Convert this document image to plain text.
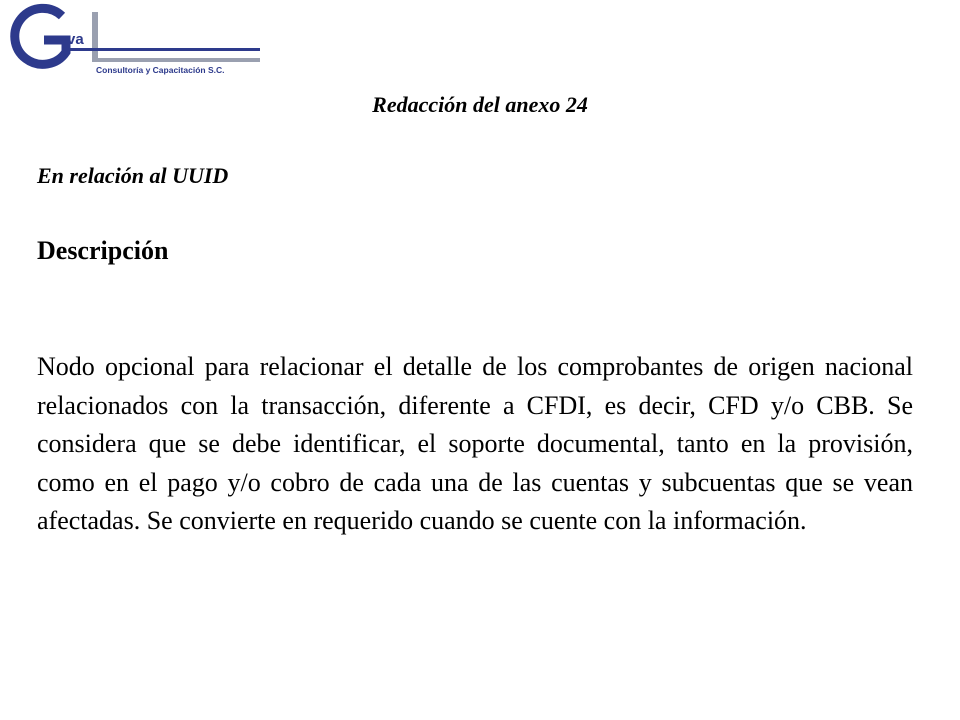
va
Consultoría y Capacitación S.C.
Redacción del anexo 24
En relación al UUID
Descripción

Nodo opcional para relacionar el detalle de los comprobantes de origen nacional relacionados con la transacción, diferente a CFDI, es decir, CFD y/o CBB. Se considera que se debe identificar, el soporte documental, tanto en la provisión, como en el pago y/o cobro de cada una de las cuentas y subcuentas que se vean afectadas. Se convierte en requerido cuando se cuente con la información.
